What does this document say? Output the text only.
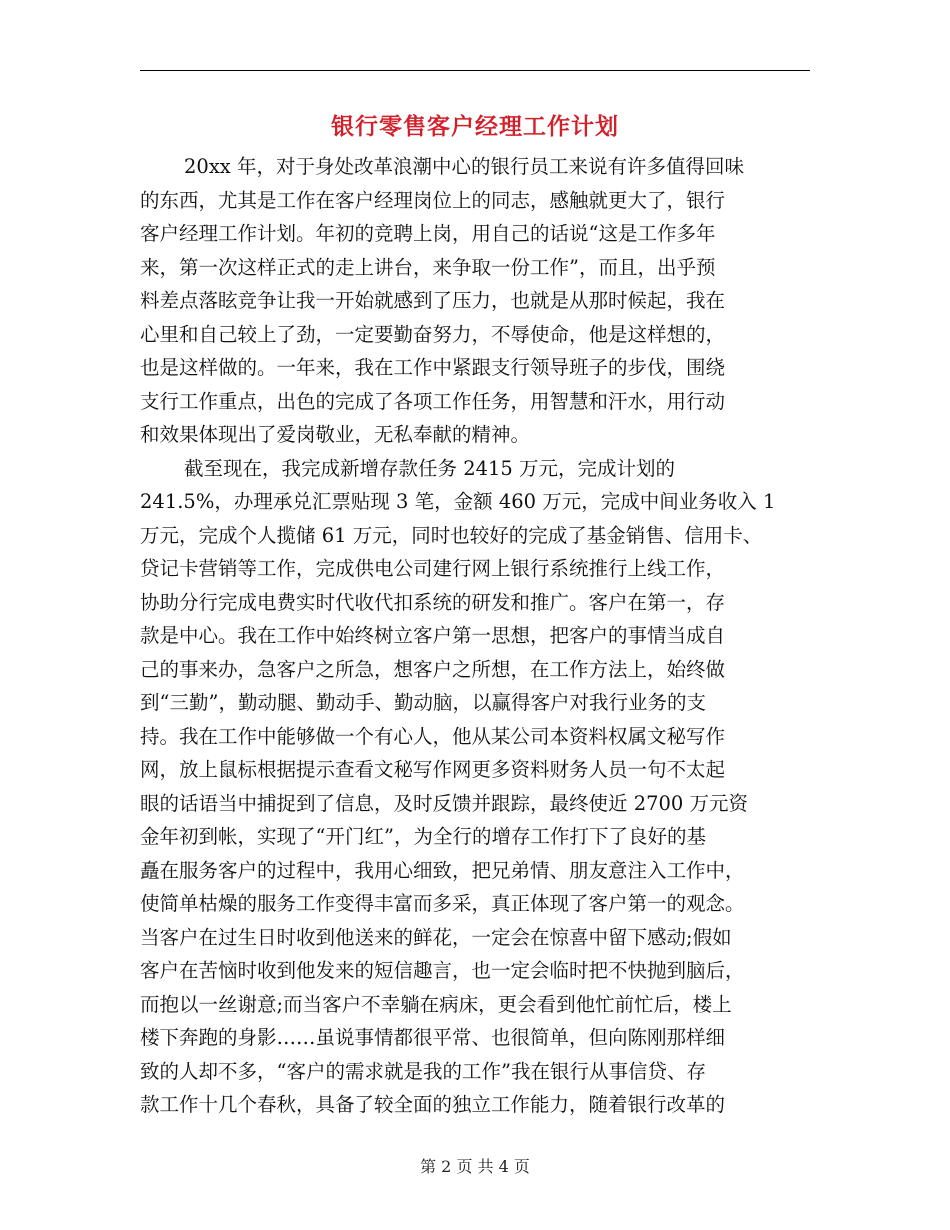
银行零售客户经理工作计划
20xx 年，对于身处改革浪潮中心的银行员工来说有许多值得回味
的东西，尤其是工作在客户经理岗位上的同志，感触就更大了，银行
客户经理工作计划。年初的竞聘上岗，用自己的话说“这是工作多年
来，第一次这样正式的走上讲台，来争取一份工作”，而且，出乎预
料差点落眩竞争让我一开始就感到了压力，也就是从那时候起，我在
心里和自己较上了劲，一定要勤奋努力，不辱使命，他是这样想的，
也是这样做的。一年来，我在工作中紧跟支行领导班子的步伐，围绕
支行工作重点，出色的完成了各项工作任务，用智慧和汗水，用行动
和效果体现出了爱岗敬业，无私奉献的精神。
截至现在，我完成新增存款任务 2415 万元，完成计划的
241.5%，办理承兑汇票贴现 3 笔，金额 460 万元，完成中间业务收入 1
万元，完成个人揽储 61 万元，同时也较好的完成了基金销售、信用卡、
贷记卡营销等工作，完成供电公司建行网上银行系统推行上线工作，
协助分行完成电费实时代收代扣系统的研发和推广。客户在第一，存
款是中心。我在工作中始终树立客户第一思想，把客户的事情当成自
己的事来办，急客户之所急，想客户之所想，在工作方法上，始终做
到“三勤”，勤动腿、勤动手、勤动脑，以赢得客户对我行业务的支
持。我在工作中能够做一个有心人，他从某公司本资料权属文秘写作
网，放上鼠标根据提示查看文秘写作网更多资料财务人员一句不太起
眼的话语当中捕捉到了信息，及时反馈并跟踪，最终使近 2700 万元资
金年初到帐，实现了“开门红”，为全行的增存工作打下了良好的基
矗在服务客户的过程中，我用心细致，把兄弟情、朋友意注入工作中，
使简单枯燥的服务工作变得丰富而多采，真正体现了客户第一的观念。
当客户在过生日时收到他送来的鲜花，一定会在惊喜中留下感动;假如
客户在苦恼时收到他发来的短信趣言，也一定会临时把不快抛到脑后，
而抱以一丝谢意;而当客户不幸躺在病床，更会看到他忙前忙后，楼上
楼下奔跑的身影……虽说事情都很平常、也很简单，但向陈刚那样细
致的人却不多，“客户的需求就是我的工作”我在银行从事信贷、存
款工作十几个春秋，具备了较全面的独立工作能力，随着银行改革的
第 2 页 共 4 页
